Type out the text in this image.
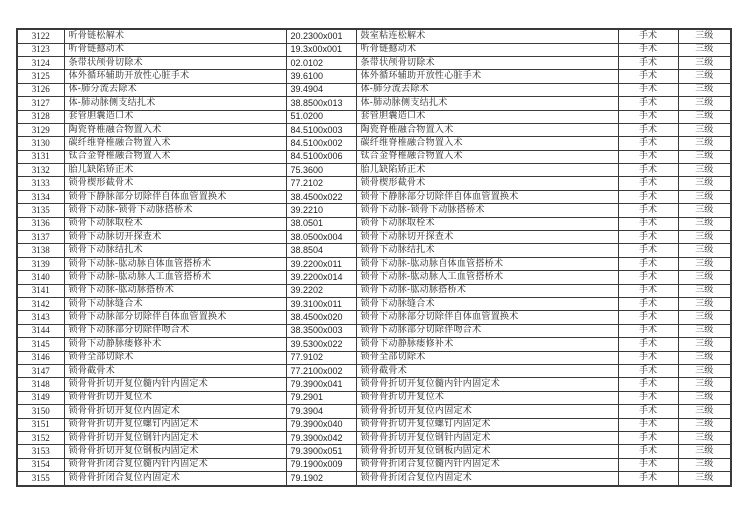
3122	听骨链松解术	20.2300x001	鼓室粘连松解术	手术	三级
3123	听骨链撼动术	19.3x00x001	听骨链撼动术	手术	三级
3124	条带状颅骨切除术	02.0102	条带状颅骨切除术	手术	三级
3125	体外循环辅助开放性心脏手术	39.6100	体外循环辅助开放性心脏手术	手术	三级
3126	体-肺分流去除术	39.4904	体-肺分流去除术	手术	三级
3127	体-肺动脉侧支结扎术	38.8500x013	体-肺动脉侧支结扎术	手术	三级
3128	套管胆囊造口术	51.0200	套管胆囊造口术	手术	三级
3129	陶瓷脊椎融合物置入术	84.5100x003	陶瓷脊椎融合物置入术	手术	三级
3130	碳纤维脊椎融合物置入术	84.5100x002	碳纤维脊椎融合物置入术	手术	三级
3131	钛合金脊椎融合物置入术	84.5100x006	钛合金脊椎融合物置入术	手术	三级
3132	胎儿缺陷矫正术	75.3600	胎儿缺陷矫正术	手术	三级
3133	锁骨楔形截骨术	77.2102	锁骨楔形截骨术	手术	三级
3134	锁骨下静脉部分切除伴自体血管置换术	38.4500x022	锁骨下静脉部分切除伴自体血管置换术	手术	三级
3135	锁骨下动脉-锁骨下动脉搭桥术	39.2210	锁骨下动脉-锁骨下动脉搭桥术	手术	三级
3136	锁骨下动脉取栓术	38.0501	锁骨下动脉取栓术	手术	三级
3137	锁骨下动脉切开探查术	38.0500x004	锁骨下动脉切开探查术	手术	三级
3138	锁骨下动脉结扎术	38.8504	锁骨下动脉结扎术	手术	三级
3139	锁骨下动脉-肱动脉自体血管搭桥术	39.2200x011	锁骨下动脉-肱动脉自体血管搭桥术	手术	三级
3140	锁骨下动脉-肱动脉人工血管搭桥术	39.2200x014	锁骨下动脉-肱动脉人工血管搭桥术	手术	三级
3141	锁骨下动脉-肱动脉搭桥术	39.2202	锁骨下动脉-肱动脉搭桥术	手术	三级
3142	锁骨下动脉缝合术	39.3100x011	锁骨下动脉缝合术	手术	三级
3143	锁骨下动脉部分切除伴自体血管置换术	38.4500x020	锁骨下动脉部分切除伴自体血管置换术	手术	三级
3144	锁骨下动脉部分切除伴吻合术	38.3500x003	锁骨下动脉部分切除伴吻合术	手术	三级
3145	锁骨下动静脉瘘修补术	39.5300x022	锁骨下动静脉瘘修补术	手术	三级
3146	锁骨全部切除术	77.9102	锁骨全部切除术	手术	三级
3147	锁骨截骨术	77.2100x002	锁骨截骨术	手术	三级
3148	锁骨骨折切开复位髓内针内固定术	79.3900x041	锁骨骨折切开复位髓内针内固定术	手术	三级
3149	锁骨骨折切开复位术	79.2901	锁骨骨折切开复位术	手术	三级
3150	锁骨骨折切开复位内固定术	79.3904	锁骨骨折切开复位内固定术	手术	三级
3151	锁骨骨折切开复位螺钉内固定术	79.3900x040	锁骨骨折切开复位螺钉内固定术	手术	三级
3152	锁骨骨折切开复位钢针内固定术	79.3900x042	锁骨骨折切开复位钢针内固定术	手术	三级
3153	锁骨骨折切开复位钢板内固定术	79.3900x051	锁骨骨折切开复位钢板内固定术	手术	三级
3154	锁骨骨折闭合复位髓内针内固定术	79.1900x009	锁骨骨折闭合复位髓内针内固定术	手术	三级
3155	锁骨骨折闭合复位内固定术	79.1902	锁骨骨折闭合复位内固定术	手术	三级
